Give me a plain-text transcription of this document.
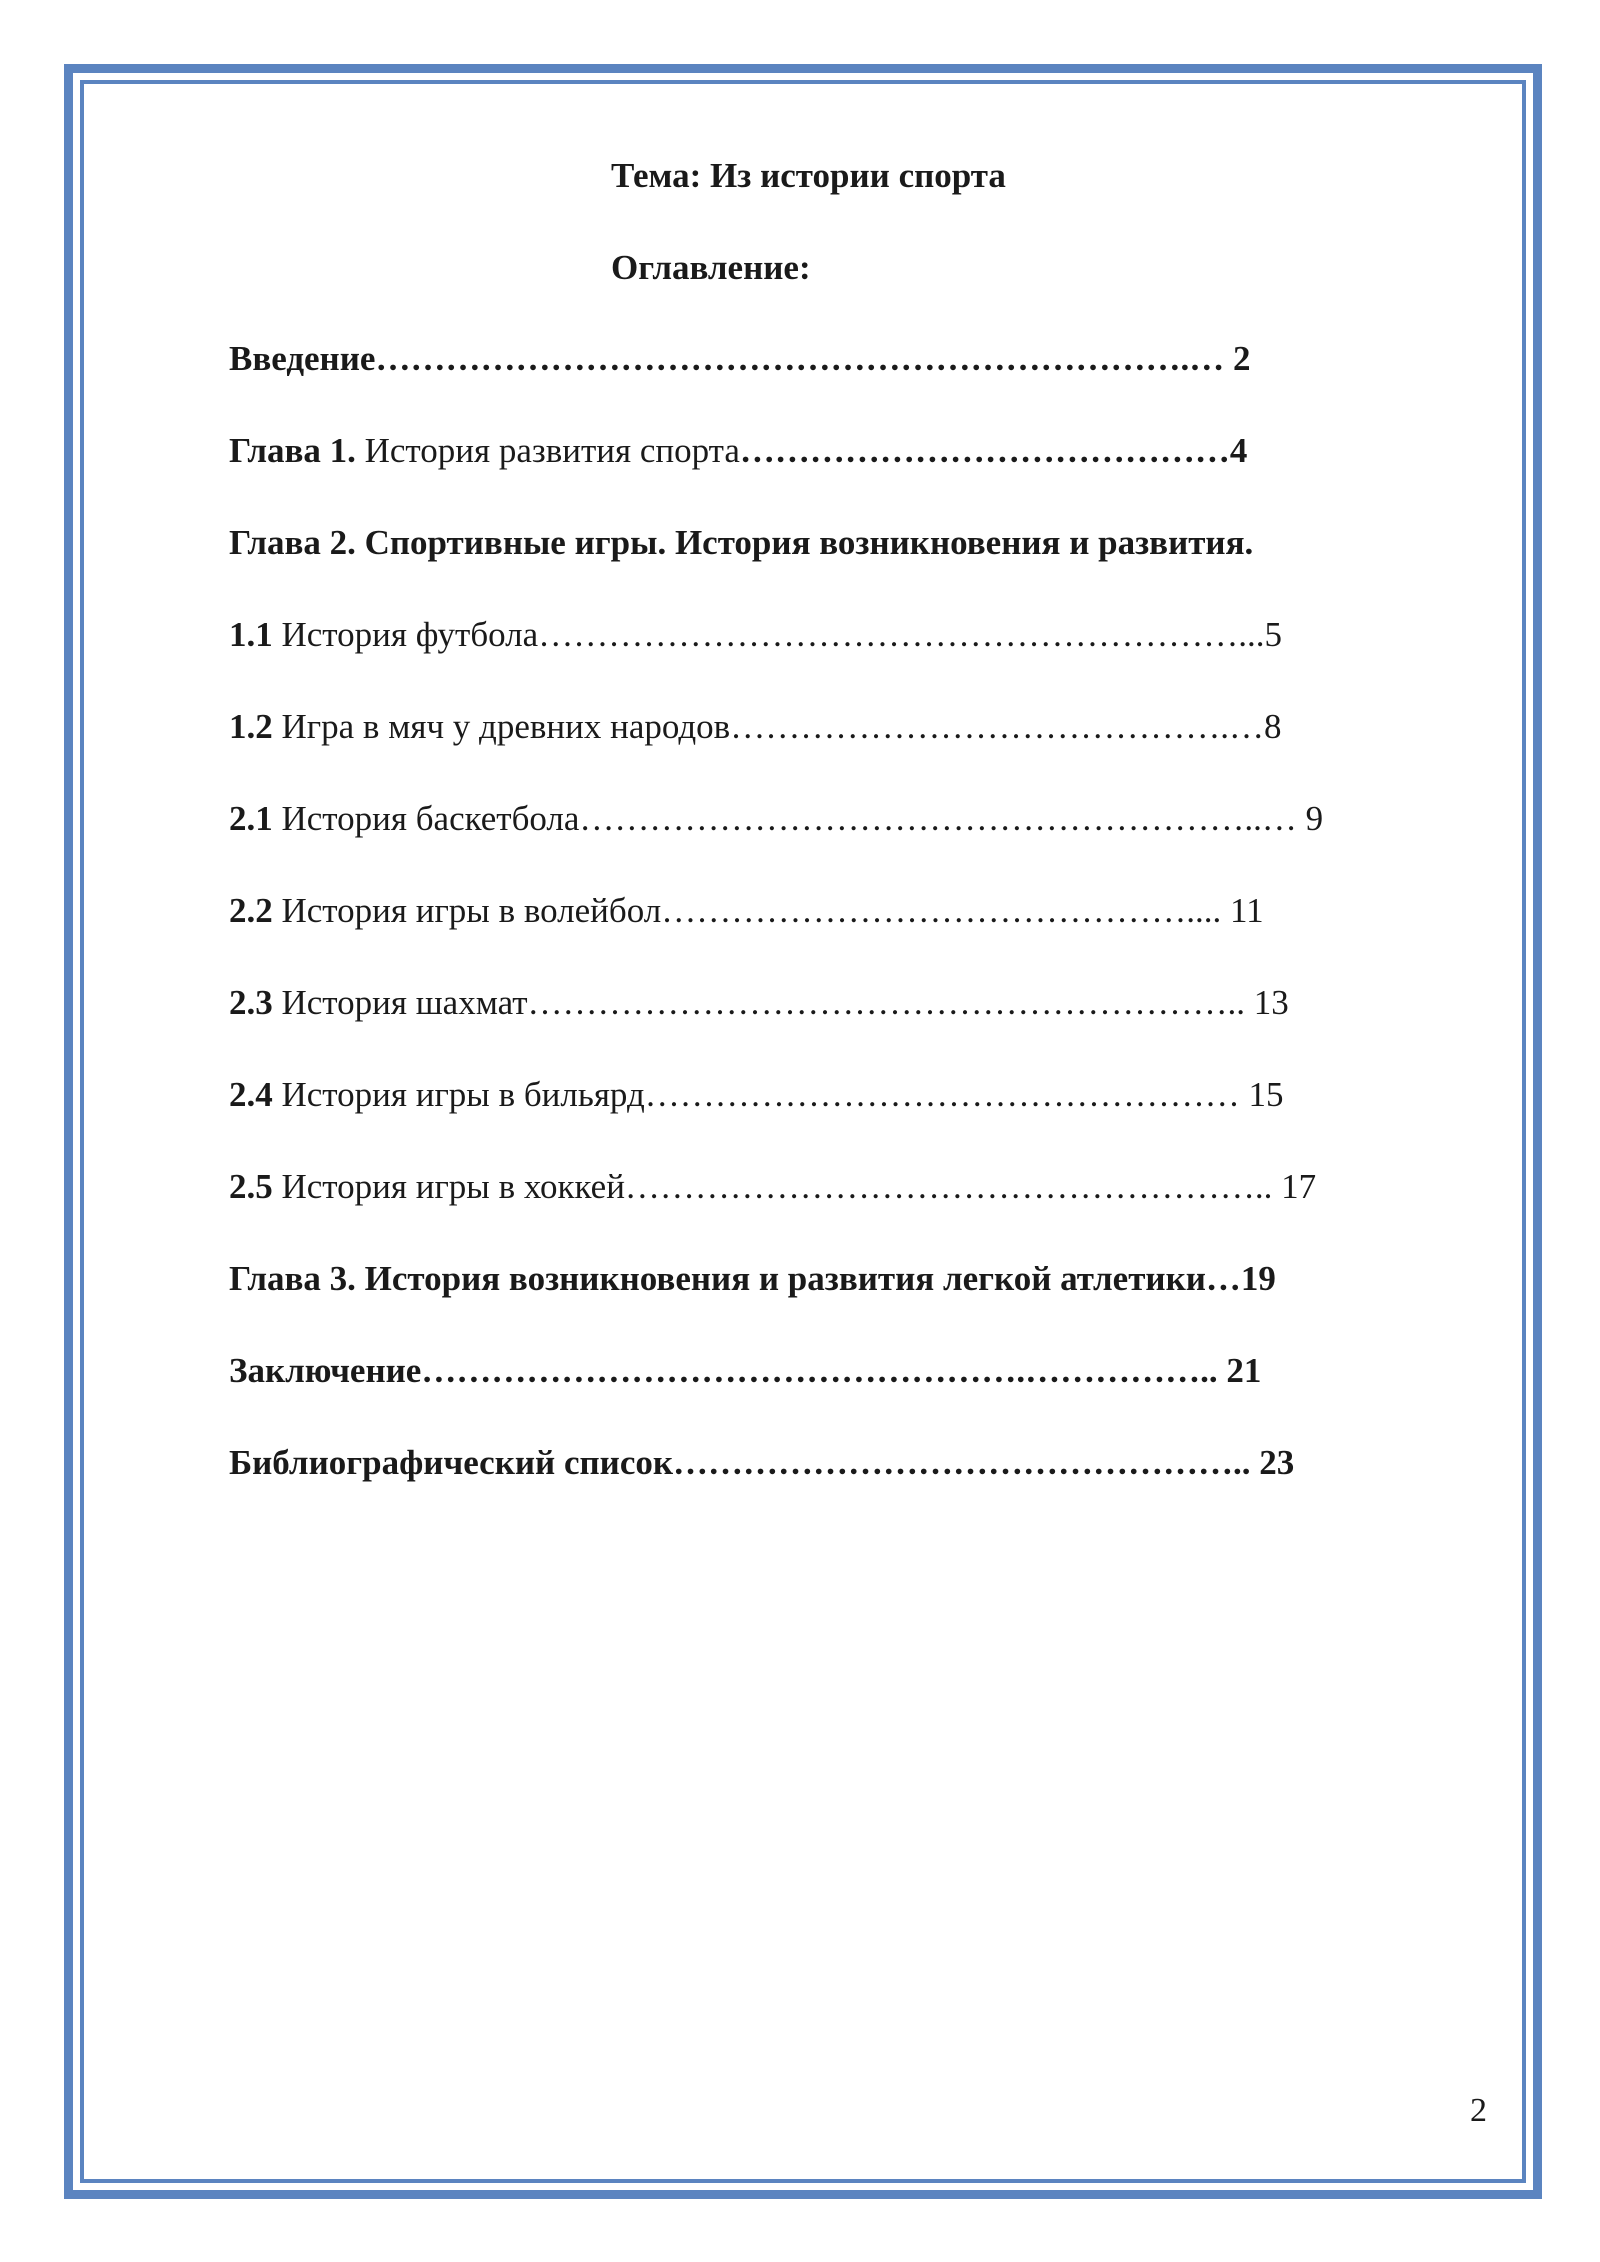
Тема: Из истории спорта
Оглавление:
Введение…………………………………………………………….… 2
Глава 1. История развития спорта……………………………………4
Глава 2. Спортивные игры. История возникновения и развития.
1.1 История футбола……………………………………………………...5
1.2 Игра в мяч у древних народов…………………………………….…8
2.1 История баскетбола…………………………………………………..… 9
2.2 История игры в волейбол……………………………………….... 11
2.3 История шахмат…………………………………………………….. 13
2.4 История игры в бильярд…………………………………………… 15
2.5 История игры в хоккей……………………………………………….. 17
Глава 3. История возникновения и развития легкой атлетики…19
Заключение…………………………………………….…………….. 21
Библиографический список………………………………………….. 23
2
